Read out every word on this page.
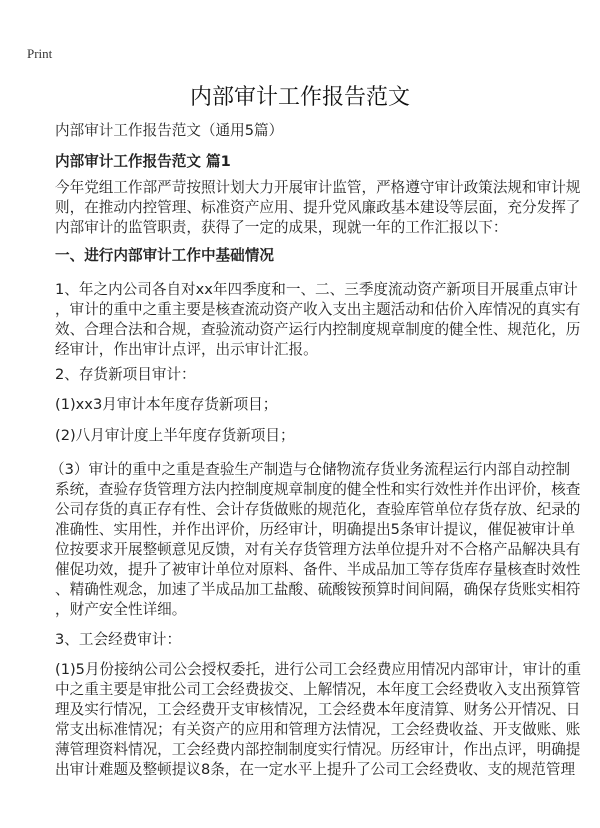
Print
内部审计工作报告范文
内部审计工作报告范文（通用5篇）
内部审计工作报告范文 篇1
今年党组工作部严苛按照计划大力开展审计监管，严格遵守审计政策法规和审计规
则，在推动内控管理、标准资产应用、提升党风廉政基本建设等层面，充分发挥了
内部审计的监管职责，获得了一定的成果，现就一年的工作汇报以下：
一、进行内部审计工作中基础情况
1、年之内公司各自对xx年四季度和一、二、三季度流动资产新项目开展重点审计
，审计的重中之重主要是核查流动资产收入支出主题活动和估价入库情况的真实有
效、合理合法和合规，查验流动资产运行内控制度规章制度的健全性、规范化，历
经审计，作出审计点评，出示审计汇报。
2、存货新项目审计：
(1)xx3月审计本年度存货新项目；
(2)八月审计度上半年度存货新项目；
（3）审计的重中之重是查验生产制造与仓储物流存货业务流程运行内部自动控制
系统，查验存货管理方法内控制度规章制度的健全性和实行效性并作出评价，核查
公司存货的真正存有性、会计存货做账的规范化，查验库管单位存货存放、纪录的
准确性、实用性，并作出评价，历经审计，明确提出5条审计提议，催促被审计单
位按要求开展整顿意见反馈，对有关存货管理方法单位提升对不合格产品解决具有
催促功效，提升了被审计单位对原料、备件、半成品加工等存货库存量核查时效性
、精确性观念，加速了半成品加工盐酸、硫酸铵预算时间间隔，确保存货账实相符
，财产安全性详细。
3、工会经费审计：
(1)5月份接纳公司公会授权委托，进行公司工会经费应用情况内部审计，审计的重
中之重主要是审批公司工会经费拔交、上解情况，本年度工会经费收入支出预算管
理及实行情况，工会经费开支审核情况，工会经费本年度清算、财务公开情况、日
常支出标准情况；有关资产的应用和管理方法情况，工会经费收益、开支做账、账
薄管理资料情况，工会经费内部控制制度实行情况。历经审计，作出点评，明确提
出审计难题及整顿提议8条，在一定水平上提升了公司工会经费收、支的规范管理
